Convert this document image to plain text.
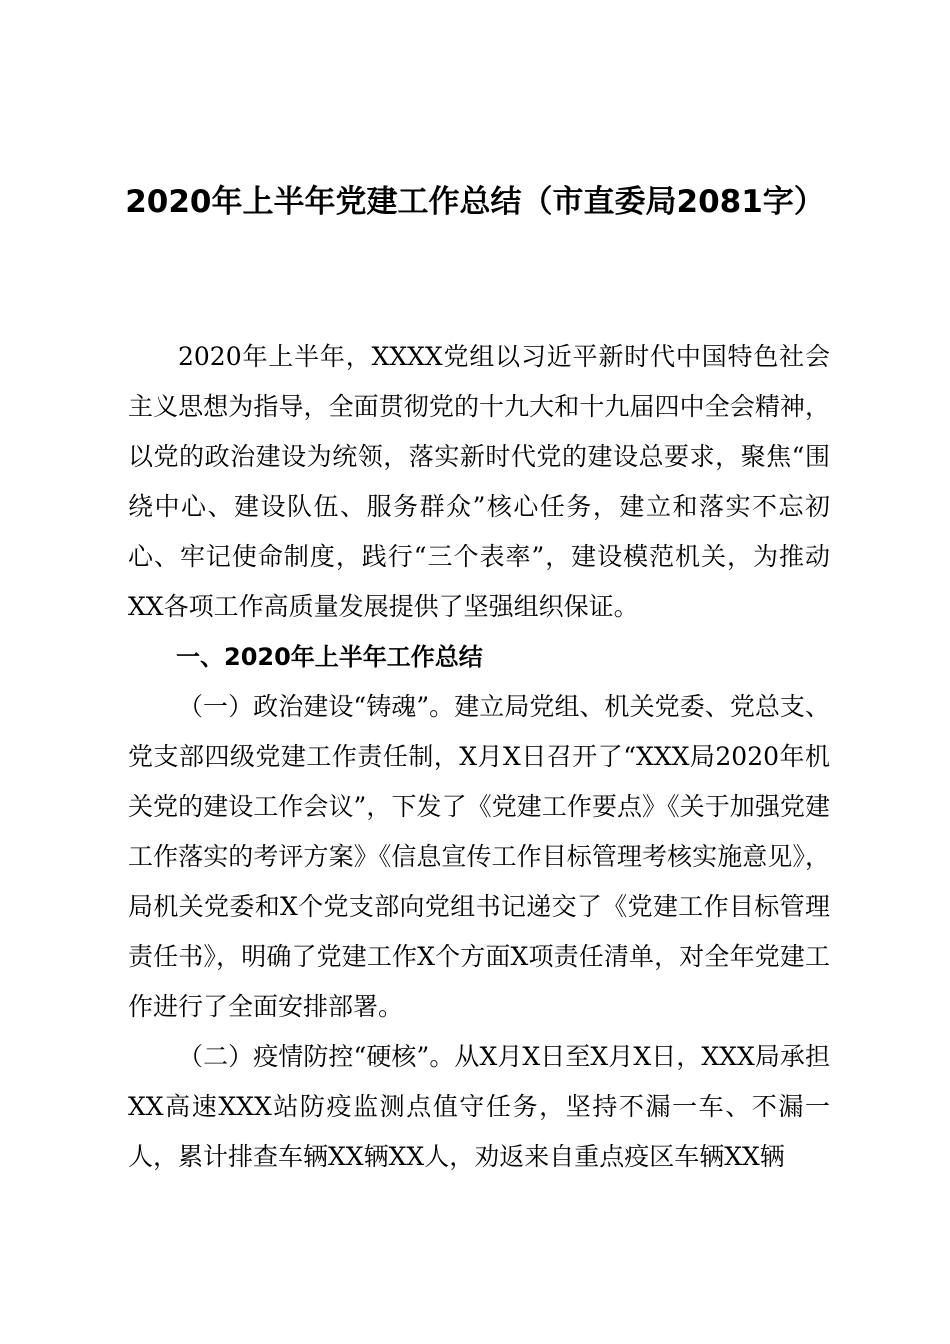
2020年上半年党建工作总结（市直委局2081字）

2020年上半年，XXXX党组以习近平新时代中国特色社会主义思想为指导，全面贯彻党的十九大和十九届四中全会精神，以党的政治建设为统领，落实新时代党的建设总要求，聚焦“围绕中心、建设队伍、服务群众”核心任务，建立和落实不忘初心、牢记使命制度，践行“三个表率”，建设模范机关，为推动XX各项工作高质量发展提供了坚强组织保证。

一、2020年上半年工作总结

（一）政治建设“铸魂”。建立局党组、机关党委、党总支、党支部四级党建工作责任制，X月X日召开了“XXX局2020年机关党的建设工作会议”，下发了《党建工作要点》《关于加强党建工作落实的考评方案》《信息宣传工作目标管理考核实施意见》，局机关党委和X个党支部向党组书记递交了《党建工作目标管理责任书》，明确了党建工作X个方面X项责任清单，对全年党建工作进行了全面安排部署。

（二）疫情防控“硬核”。从X月X日至X月X日，XXX局承担XX高速XXX站防疫监测点值守任务，坚持不漏一车、不漏一人，累计排查车辆XX辆XX人，劝返来自重点疫区车辆XX辆
